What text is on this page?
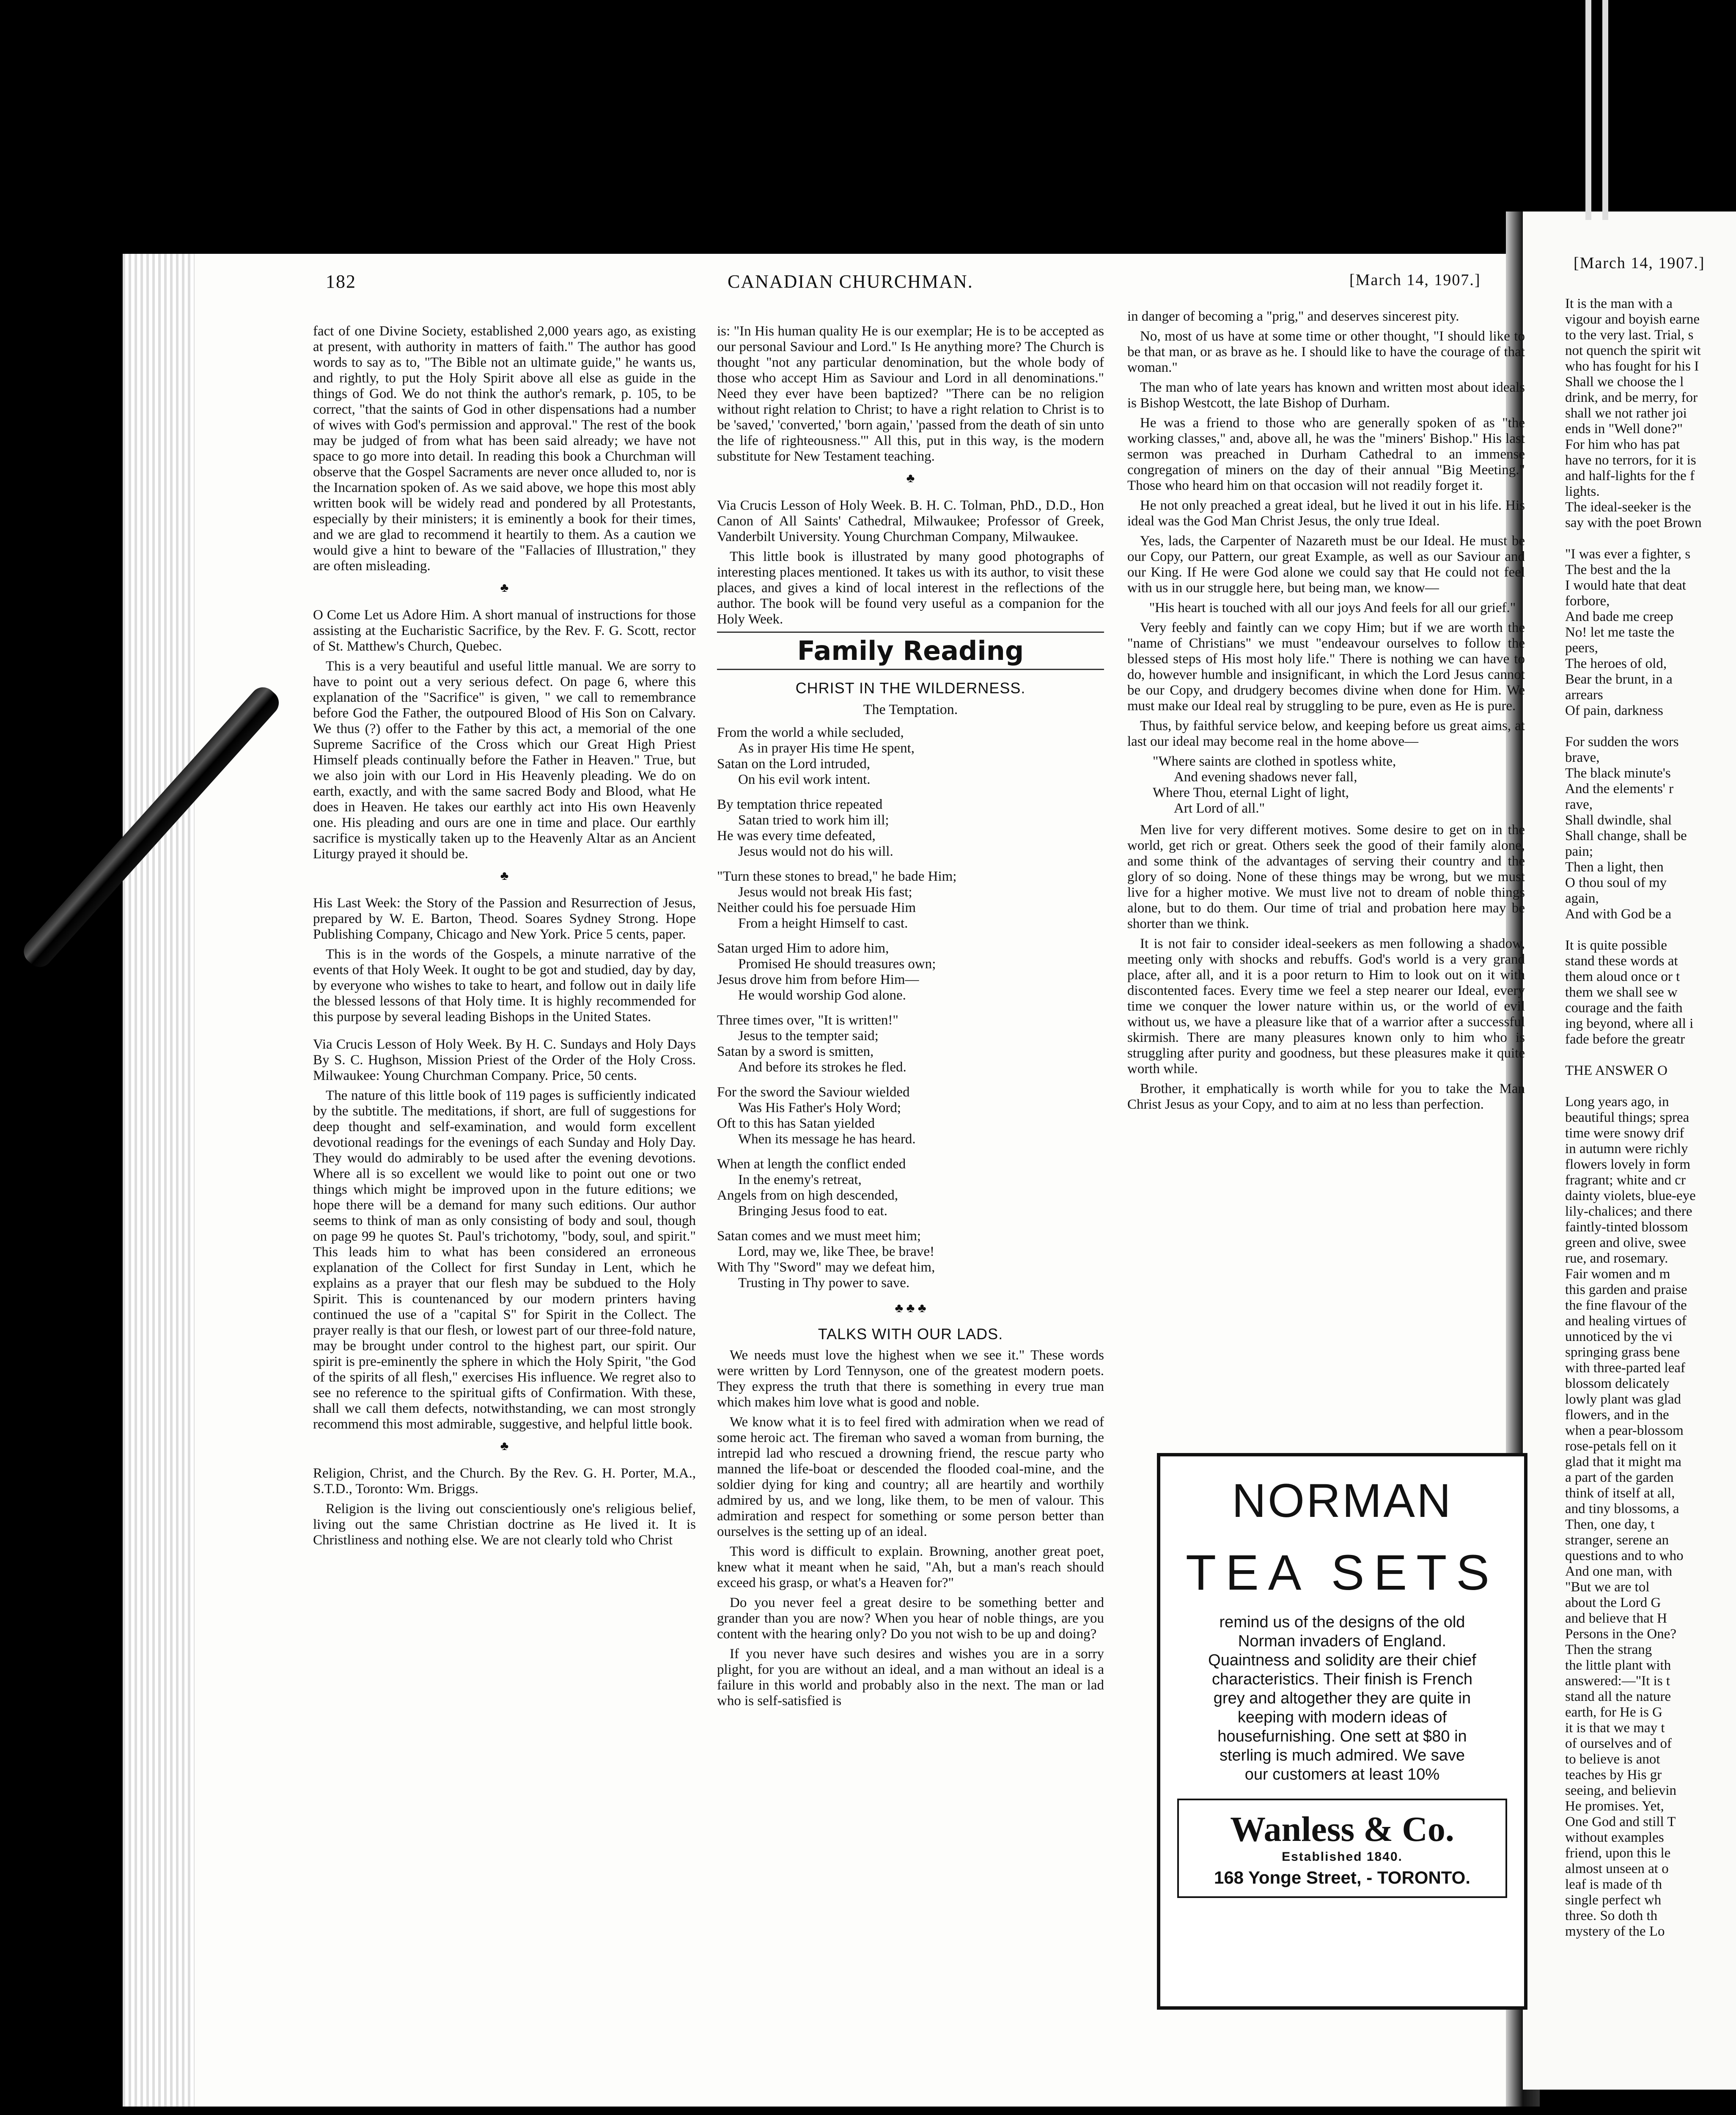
182	CANADIAN CHURCHMAN.	[March 14, 1907.]
[March 14, 1907.]

fact of one Divine Society, established 2,000 years ago, as existing at present, with authority in matters of faith." The author has good words to say as to, "The Bible not an ultimate guide," he wants us, and rightly, to put the Holy Spirit above all else as guide in the things of God. We do not think the author's remark, p. 105, to be correct, "that the saints of God in other dispensations had a number of wives with God's permission and approval." The rest of the book may be judged of from what has been said already; we have not space to go more into detail. In reading this book a Churchman will observe that the Gospel Sacraments are never once alluded to, nor is the Incarnation spoken of. As we said above, we hope this most ably written book will be widely read and pondered by all Protestants, especially by their ministers; it is eminently a book for their times, and we are glad to recommend it heartily to them. As a caution we would give a hint to beware of the "Fallacies of Illustration," they are often misleading.

♣

O Come Let us Adore Him. A short manual of instructions for those assisting at the Eucharistic Sacrifice, by the Rev. F. G. Scott, rector of St. Matthew's Church, Quebec.

This is a very beautiful and useful little manual. We are sorry to have to point out a very serious defect. On page 6, where this explanation of the "Sacrifice" is given, " we call to remembrance before God the Father, the outpoured Blood of His Son on Calvary. We thus (?) offer to the Father by this act, a memorial of the one Supreme Sacrifice of the Cross which our Great High Priest Himself pleads continually before the Father in Heaven." True, but we also join with our Lord in His Heavenly pleading. We do on earth, exactly, and with the same sacred Body and Blood, what He does in Heaven. He takes our earthly act into His own Heavenly one. His pleading and ours are one in time and place. Our earthly sacrifice is mystically taken up to the Heavenly Altar as an Ancient Liturgy prayed it should be.

♣

His Last Week: the Story of the Passion and Resurrection of Jesus, prepared by W. E. Barton, Theod. Soares Sydney Strong. Hope Publishing Company, Chicago and New York. Price 5 cents, paper.

This is in the words of the Gospels, a minute narrative of the events of that Holy Week. It ought to be got and studied, day by day, by everyone who wishes to take to heart, and follow out in daily life the blessed lessons of that Holy time. It is highly recommended for this purpose by several leading Bishops in the United States.

Via Crucis Lesson of Holy Week. By H. C. Sundays and Holy Days By S. C. Hughson, Mission Priest of the Order of the Holy Cross. Milwaukee: Young Churchman Company. Price, 50 cents.

The nature of this little book of 119 pages is sufficiently indicated by the subtitle. The meditations, if short, are full of suggestions for deep thought and self-examination, and would form excellent devotional readings for the evenings of each Sunday and Holy Day. They would do admirably to be used after the evening devotions. Where all is so excellent we would like to point out one or two things which might be improved upon in the future editions; we hope there will be a demand for many such editions. Our author seems to think of man as only consisting of body and soul, though on page 99 he quotes St. Paul's trichotomy, "body, soul, and spirit." This leads him to what has been considered an erroneous explanation of the Collect for first Sunday in Lent, which he explains as a prayer that our flesh may be subdued to the Holy Spirit. This is countenanced by our modern printers having continued the use of a "capital S" for Spirit in the Collect. The prayer really is that our flesh, or lowest part of our three-fold nature, may be brought under control to the highest part, our spirit. Our spirit is pre-eminently the sphere in which the Holy Spirit, "the God of the spirits of all flesh," exercises His influence. We regret also to see no reference to the spiritual gifts of Confirmation. With these, shall we call them defects, notwithstanding, we can most strongly recommend this most admirable, suggestive, and helpful little book.

♣

Religion, Christ, and the Church. By the Rev. G. H. Porter, M.A., S.T.D., Toronto: Wm. Briggs.

Religion is the living out conscientiously one's religious belief, living out the same Christian doctrine as He lived it. It is Christliness and nothing else. We are not clearly told who Christ

is: "In His human quality He is our exemplar; He is to be accepted as our personal Saviour and Lord." Is He anything more? The Church is thought "not any particular denomination, but the whole body of those who accept Him as Saviour and Lord in all denominations." Need they ever have been baptized? "There can be no religion without right relation to Christ; to have a right relation to Christ is to be 'saved,' 'converted,' 'born again,' 'passed from the death of sin unto the life of righteousness.'" All this, put in this way, is the modern substitute for New Testament teaching.

♣

Via Crucis Lesson of Holy Week. B. H. C. Tolman, PhD., D.D., Hon Canon of All Saints' Cathedral, Milwaukee; Professor of Greek, Vanderbilt University. Young Churchman Company, Milwaukee.

This little book is illustrated by many good photographs of interesting places mentioned. It takes us with its author, to visit these places, and gives a kind of local interest in the reflections of the author. The book will be found very useful as a companion for the Holy Week.

Family Reading
CHRIST IN THE WILDERNESS.
The Temptation.
From the world a while secluded,
As in prayer His time He spent,
Satan on the Lord intruded,
On his evil work intent.
By temptation thrice repeated
Satan tried to work him ill;
He was every time defeated,
Jesus would not do his will.
"Turn these stones to bread," he bade Him;
Jesus would not break His fast;
Neither could his foe persuade Him
From a height Himself to cast.
Satan urged Him to adore him,
Promised He should treasures own;
Jesus drove him from before Him—
He would worship God alone.
Three times over, "It is written!"
Jesus to the tempter said;
Satan by a sword is smitten,
And before its strokes he fled.
For the sword the Saviour wielded
Was His Father's Holy Word;
Oft to this has Satan yielded
When its message he has heard.
When at length the conflict ended
In the enemy's retreat,
Angels from on high descended,
Bringing Jesus food to eat.
Satan comes and we must meet him;
Lord, may we, like Thee, be brave!
With Thy "Sword" may we defeat him,
Trusting in Thy power to save.
♣ ♣ ♣
TALKS WITH OUR LADS.

We needs must love the highest when we see it." These words were written by Lord Tennyson, one of the greatest modern poets. They express the truth that there is something in every true man which makes him love what is good and noble.

We know what it is to feel fired with admiration when we read of some heroic act. The fireman who saved a woman from burning, the intrepid lad who rescued a drowning friend, the rescue party who manned the life-boat or descended the flooded coal-mine, and the soldier dying for king and country; all are heartily and worthily admired by us, and we long, like them, to be men of valour. This admiration and respect for something or some person better than ourselves is the setting up of an ideal.

This word is difficult to explain. Browning, another great poet, knew what it meant when he said, "Ah, but a man's reach should exceed his grasp, or what's a Heaven for?"

Do you never feel a great desire to be something better and grander than you are now? When you hear of noble things, are you content with the hearing only? Do you not wish to be up and doing?

If you never have such desires and wishes you are in a sorry plight, for you are without an ideal, and a man without an ideal is a failure in this world and probably also in the next. The man or lad who is self-satisfied is

in danger of becoming a "prig," and deserves sincerest pity.

No, most of us have at some time or other thought, "I should like to be that man, or as brave as he. I should like to have the courage of that woman."

The man who of late years has known and written most about ideals is Bishop Westcott, the late Bishop of Durham.

He was a friend to those who are generally spoken of as "the working classes," and, above all, he was the "miners' Bishop." His last sermon was preached in Durham Cathedral to an immense congregation of miners on the day of their annual "Big Meeting." Those who heard him on that occasion will not readily forget it.

He not only preached a great ideal, but he lived it out in his life. His ideal was the God Man Christ Jesus, the only true Ideal.

Yes, lads, the Carpenter of Nazareth must be our Ideal. He must be our Copy, our Pattern, our great Example, as well as our Saviour and our King. If He were God alone we could say that He could not feel with us in our struggle here, but being man, we know—

"His heart is touched with all our joys And feels for all our grief."

Very feebly and faintly can we copy Him; but if we are worth the "name of Christians" we must "endeavour ourselves to follow the blessed steps of His most holy life." There is nothing we can have to do, however humble and insignificant, in which the Lord Jesus cannot be our Copy, and drudgery becomes divine when done for Him. We must make our Ideal real by struggling to be pure, even as He is pure.

Thus, by faithful service below, and keeping before us great aims, at last our ideal may become real in the home above—

"Where saints are clothed in spotless white,
And evening shadows never fall,
Where Thou, eternal Light of light,
Art Lord of all."

Men live for very different motives. Some desire to get on in the world, get rich or great. Others seek the good of their family alone, and some think of the advantages of serving their country and the glory of so doing. None of these things may be wrong, but we must live for a higher motive. We must live not to dream of noble things alone, but to do them. Our time of trial and probation here may be shorter than we think.

It is not fair to consider ideal-seekers as men following a shadow, meeting only with shocks and rebuffs. God's world is a very grand place, after all, and it is a poor return to Him to look out on it with discontented faces. Every time we feel a step nearer our Ideal, every time we conquer the lower nature within us, or the world of evil without us, we have a pleasure like that of a warrior after a successful skirmish. There are many pleasures known only to him who is struggling after purity and goodness, but these pleasures make it quite worth while.

Brother, it emphatically is worth while for you to take the Man Christ Jesus as your Copy, and to aim at no less than perfection.

NORMAN
TEA SETS
remind us of the designs of the old Norman invaders of England. Quaintness and solidity are their chief characteristics. Their finish is French grey and altogether they are quite in keeping with modern ideas of housefurnishing. One sett at $80 in sterling is much admired. We save our customers at least 10%
Wanless & Co.
Established 1840.
168 Yonge Street, - TORONTO.
It is the man with a
vigour and boyish earne
to the very last. Trial, s
not quench the spirit wit
who has fought for his I
Shall we choose the l
drink, and be merry, for
shall we not rather joi
ends in "Well done?"
For him who has pat
have no terrors, for it is
and half-lights for the f
lights.
The ideal-seeker is the
say with the poet Brown

"I was ever a fighter, s
The best and the la
I would hate that deat
forbore,
And bade me creep
No! let me taste the
peers,
The heroes of old,
Bear the brunt, in a
arrears
Of pain, darkness

For sudden the wors
brave,
The black minute's
And the elements' r
rave,
Shall dwindle, shal
Shall change, shall be
pain;
Then a light, then
O thou soul of my
again,
And with God be a

It is quite possible
stand these words at
them aloud once or t
them we shall see w
courage and the faith
ing beyond, where all i
fade before the greatr

THE ANSWER O

Long years ago, in
beautiful things; sprea
time were snowy drif
in autumn were richly
flowers lovely in form
fragrant; white and cr
dainty violets, blue-eye
lily-chalices; and there
faintly-tinted blossom
green and olive, swee
rue, and rosemary.
Fair women and m
this garden and praise
the fine flavour of the
and healing virtues of
unnoticed by the vi
springing grass bene
with three-parted leaf
blossom delicately
lowly plant was glad
flowers, and in the
when a pear-blossom
rose-petals fell on it
glad that it might ma
a part of the garden
think of itself at all,
and tiny blossoms, a
Then, one day, t
stranger, serene an
questions and to who
And one man, with
"But we are tol
about the Lord G
and believe that H
Persons in the One?
Then the strang
the little plant with
answered:—"It is t
stand all the nature
earth, for He is G
it is that we may t
of ourselves and of
to believe is anot
teaches by His gr
seeing, and believin
He promises. Yet,
One God and still T
without examples
friend, upon this le
almost unseen at o
leaf is made of th
single perfect wh
three. So doth th
mystery of the Lo
